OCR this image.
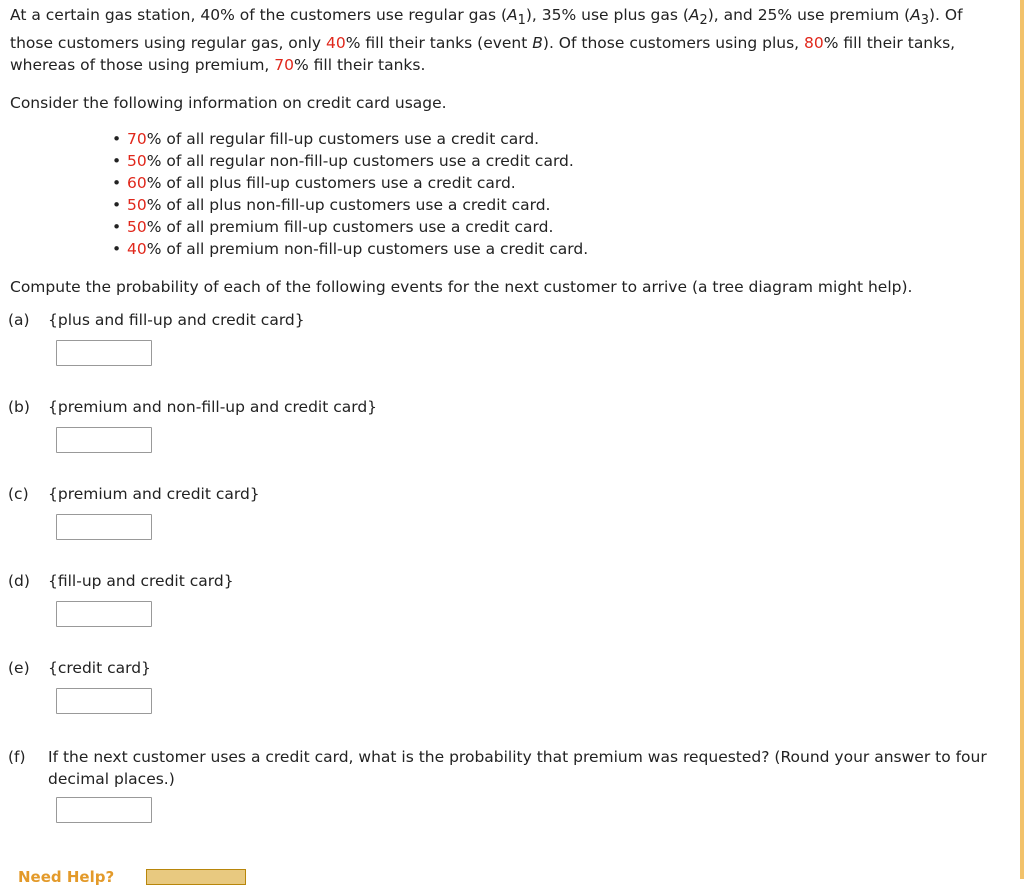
At a certain gas station, 40% of the customers use regular gas $(A_1)$, 35% use plus gas $(A_2)$, and 25% use premium $(A_3)$. Of those customers using regular gas, only 40% fill their tanks (event B). Of those customers using plus, 80% fill their tanks, whereas of those using premium, 70% fill their tanks.
Consider the following information on credit card usage.
• 70% of all regular fill-up customers use a credit card.
• 50% of all regular non-fill-up customers use a credit card.
• 60% of all plus fill-up customers use a credit card.
• 50% of all plus non-fill-up customers use a credit card.
• 50% of all premium fill-up customers use a credit card.
• 40% of all premium non-fill-up customers use a credit card.
Compute the probability of each of the following events for the next customer to arrive (a tree diagram might help).
(a) {plus and fill-up and credit card}
(b) {premium and non-fill-up and credit card}
(c) {premium and credit card}
(d) {fill-up and credit card}
(e) {credit card}
(f)	If the next customer uses a credit card, what is the probability that premium was requested? (Round your answer to four decimal places.)
Need Help?
